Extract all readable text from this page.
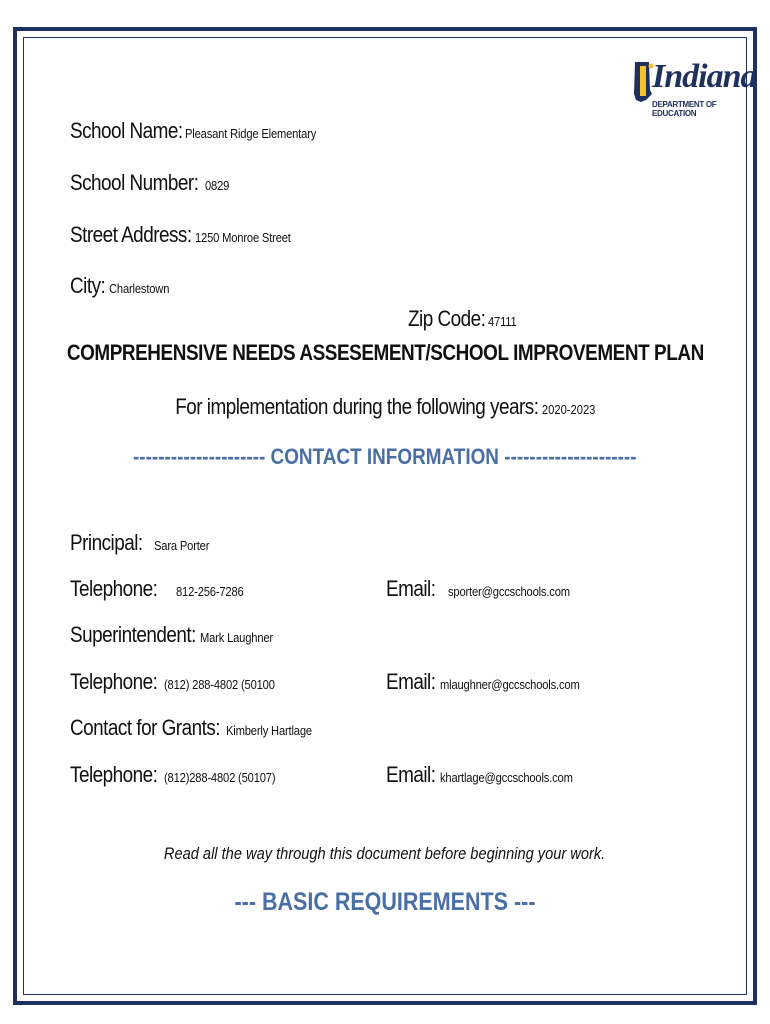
Indiana
DEPARTMENT OF EDUCATION
School Name: Pleasant Ridge Elementary
School Number: 0829
Street Address: 1250 Monroe Street
City: Charlestown
Zip Code: 47111
COMPREHENSIVE NEEDS ASSESEMENT/SCHOOL IMPROVEMENT PLAN
For implementation during the following years: 2020-2023
--------------------- CONTACT INFORMATION ---------------------
Principal: Sara Porter
Telephone: 812-256-7286	Email: sporter@gccschools.com
Superintendent: Mark Laughner
Telephone: (812) 288-4802 (50100	Email: mlaughner@gccschools.com
Contact for Grants: Kimberly Hartlage
Telephone: (812)288-4802 (50107)	Email: khartlage@gccschools.com
Read all the way through this document before beginning your work.
--- BASIC REQUIREMENTS ---
